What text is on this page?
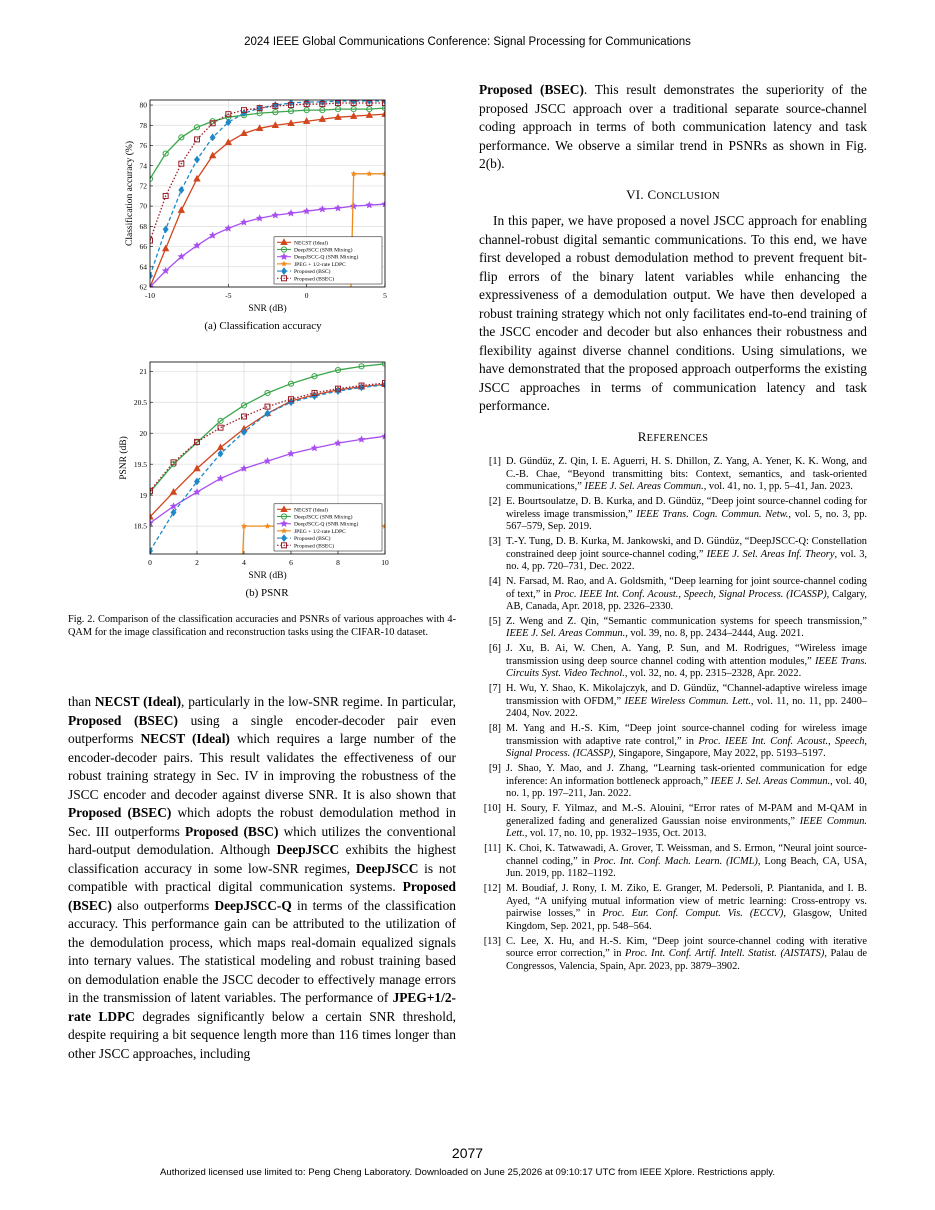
2024 IEEE Global Communications Conference: Signal Processing for Communications
-10	-5	0	5
62
64
66
68
70
72
74
76
78
80
SNR (dB)
Classification accuracy (%)	NECST (Ideal)
DeepJSCC (SNR Mixing)
DeepJSCC-Q (SNR Mixing)
JPEG + 1/2-rate LDPC
Proposed (BSC)
Proposed (BSEC)
(a) Classification accuracy
0	2	4	6	8	10
18.5
19
19.5
20
20.5
21
SNR (dB)
PSNR (dB)
NECST (Ideal)
DeepJSCC (SNR Mixing)
DeepJSCC-Q (SNR Mixing)
JPEG + 1/2-rate LDPC
Proposed (BSC)
Proposed (BSEC)
(b) PSNR
Fig. 2. Comparison of the classification accuracies and PSNRs of various approaches with 4-QAM for the image classification and reconstruction tasks using the CIFAR-10 dataset.
than NECST (Ideal), particularly in the low-SNR regime. In particular, Proposed (BSEC) using a single encoder-decoder pair even outperforms NECST (Ideal) which requires a large number of the encoder-decoder pairs. This result validates the effectiveness of our robust training strategy in Sec. IV in improving the robustness of the JSCC encoder and decoder against diverse SNR. It is also shown that Proposed (BSEC) which adopts the robust demodulation method in Sec. III outperforms Proposed (BSC) which utilizes the conventional hard-output demodulation. Although DeepJSCC exhibits the highest classification accuracy in some low-SNR regimes, DeepJSCC is not compatible with practical digital communication systems. Proposed (BSEC) also outperforms DeepJSCC-Q in terms of the classification accuracy. This performance gain can be attributed to the utilization of the demodulation process, which maps real-domain equalized signals into ternary values. The statistical modeling and robust training based on demodulation enable the JSCC decoder to effectively manage errors in the transmission of latent variables. The performance of JPEG+1/2-rate LDPC degrades significantly below a certain SNR threshold, despite requiring a bit sequence length more than 116 times longer than other JSCC approaches, including

Proposed (BSEC). This result demonstrates the superiority of the proposed JSCC approach over a traditional separate source-channel coding approach in terms of both communication latency and task performance. We observe a similar trend in PSNRs as shown in Fig. 2(b).

VI. CONCLUSION

In this paper, we have proposed a novel JSCC approach for enabling channel-robust digital semantic communications. To this end, we have first developed a robust demodulation method to prevent frequent bit-flip errors of the binary latent variables while enhancing the expressiveness of a demodulation output. We have then developed a robust training strategy which not only facilitates end-to-end training of the JSCC encoder and decoder but also enhances their robustness and flexibility against diverse channel conditions. Using simulations, we have demonstrated that the proposed approach outperforms the existing JSCC approaches in terms of communication latency and task performance.

REFERENCES
[1] D. Gündüz, Z. Qin, I. E. Aguerri, H. S. Dhillon, Z. Yang, A. Yener, K. K. Wong, and C.-B. Chae, “Beyond transmitting bits: Context, semantics, and task-oriented communications,” IEEE J. Sel. Areas Commun., vol. 41, no. 1, pp. 5–41, Jan. 2023.
[2] E. Bourtsoulatze, D. B. Kurka, and D. Gündüz, “Deep joint source-channel coding for wireless image transmission,” IEEE Trans. Cogn. Commun. Netw., vol. 5, no. 3, pp. 567–579, Sep. 2019.
[3] T.-Y. Tung, D. B. Kurka, M. Jankowski, and D. Gündüz, “DeepJSCC-Q: Constellation constrained deep joint source-channel coding,” IEEE J. Sel. Areas Inf. Theory, vol. 3, no. 4, pp. 720–731, Dec. 2022.
[4] N. Farsad, M. Rao, and A. Goldsmith, “Deep learning for joint source-channel coding of text,” in Proc. IEEE Int. Conf. Acoust., Speech, Signal Process. (ICASSP), Calgary, AB, Canada, Apr. 2018, pp. 2326–2330.
[5] Z. Weng and Z. Qin, “Semantic communication systems for speech transmission,” IEEE J. Sel. Areas Commun., vol. 39, no. 8, pp. 2434–2444, Aug. 2021.
[6] J. Xu, B. Ai, W. Chen, A. Yang, P. Sun, and M. Rodrigues, “Wireless image transmission using deep source channel coding with attention modules,” IEEE Trans. Circuits Syst. Video Technol., vol. 32, no. 4, pp. 2315–2328, Apr. 2022.
[7] H. Wu, Y. Shao, K. Mikolajczyk, and D. Gündüz, “Channel-adaptive wireless image transmission with OFDM,” IEEE Wireless Commun. Lett., vol. 11, no. 11, pp. 2400–2404, Nov. 2022.
[8] M. Yang and H.-S. Kim, “Deep joint source-channel coding for wireless image transmission with adaptive rate control,” in Proc. IEEE Int. Conf. Acoust., Speech, Signal Process. (ICASSP), Singapore, Singapore, May 2022, pp. 5193–5197.
[9] J. Shao, Y. Mao, and J. Zhang, “Learning task-oriented communication for edge inference: An information bottleneck approach,” IEEE J. Sel. Areas Commun., vol. 40, no. 1, pp. 197–211, Jan. 2022.
[10] H. Soury, F. Yilmaz, and M.-S. Alouini, “Error rates of M-PAM and M-QAM in generalized fading and generalized Gaussian noise environments,” IEEE Commun. Lett., vol. 17, no. 10, pp. 1932–1935, Oct. 2013.
[11] K. Choi, K. Tatwawadi, A. Grover, T. Weissman, and S. Ermon, “Neural joint source-channel coding,” in Proc. Int. Conf. Mach. Learn. (ICML), Long Beach, CA, USA, Jun. 2019, pp. 1182–1192.
[12] M. Boudiaf, J. Rony, I. M. Ziko, E. Granger, M. Pedersoli, P. Piantanida, and I. B. Ayed, “A unifying mutual information view of metric learning: Cross-entropy vs. pairwise losses,” in Proc. Eur. Conf. Comput. Vis. (ECCV), Glasgow, United Kingdom, Sep. 2021, pp. 548–564.
[13] C. Lee, X. Hu, and H.-S. Kim, “Deep joint source-channel coding with iterative source error correction,” in Proc. Int. Conf. Artif. Intell. Statist. (AISTATS), Palau de Congressos, Valencia, Spain, Apr. 2023, pp. 3879–3902.
2077
Authorized licensed use limited to: Peng Cheng Laboratory. Downloaded on June 25,2026 at 09:10:17 UTC from IEEE Xplore. Restrictions apply.
